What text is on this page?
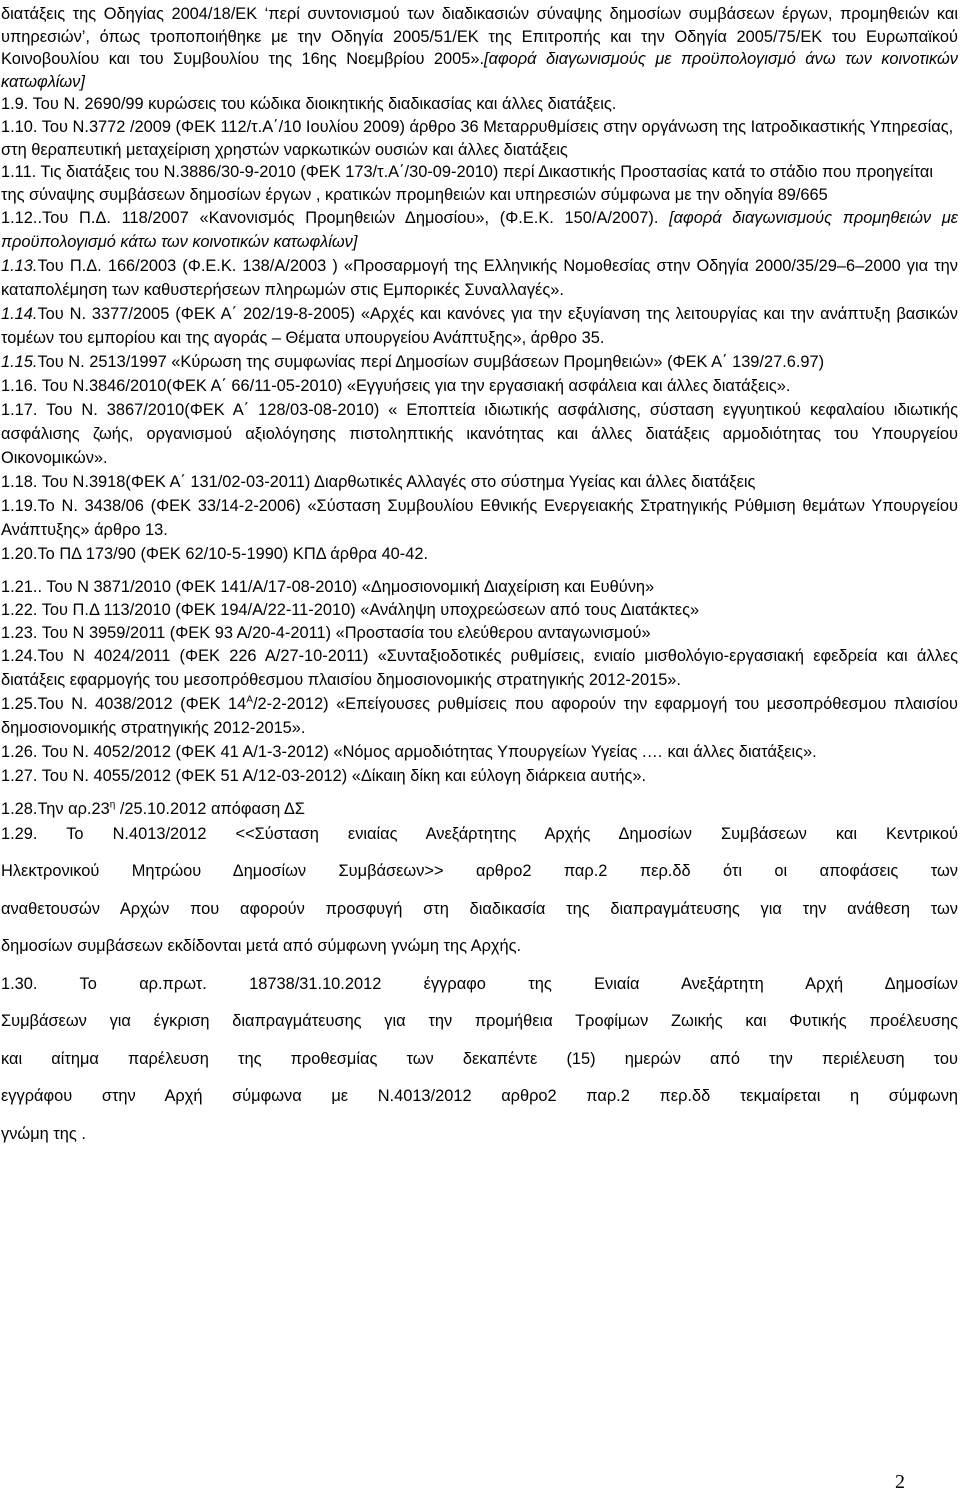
διατάξεις της Οδηγίας 2004/18/ΕΚ ‘περί συντονισμού των διαδικασιών σύναψης δημοσίων συμβάσεων έργων, προμηθειών και υπηρεσιών’, όπως τροποποιήθηκε με την Οδηγία 2005/51/ΕΚ της Επιτροπής και την Οδηγία 2005/75/ΕΚ του Ευρωπαϊκού Κοινοβουλίου και του Συμβουλίου της 16ης Νοεμβρίου 2005».[αφορά διαγωνισμούς με προϋπολογισμό άνω των κοινοτικών κατωφλίων]
1.9. Του Ν. 2690/99 κυρώσεις του κώδικα διοικητικής διαδικασίας και άλλες διατάξεις.
1.10. Του Ν.3772 /2009 (ΦΕΚ 112/τ.Α΄/10 Ιουλίου 2009) άρθρο 36 Μεταρρυθμίσεις στην οργάνωση της Ιατροδικαστικής Υπηρεσίας, στη θεραπευτική μεταχείριση χρηστών ναρκωτικών ουσιών και άλλες διατάξεις
1.11. Τις διατάξεις του Ν.3886/30-9-2010 (ΦΕΚ 173/τ.Α΄/30-09-2010) περί Δικαστικής Προστασίας κατά το στάδιο που προηγείται της σύναψης συμβάσεων δημοσίων έργων , κρατικών προμηθειών και υπηρεσιών σύμφωνα με την οδηγία 89/665
1.12..Του Π.Δ. 118/2007 «Κανονισμός Προμηθειών Δημοσίου», (Φ.Ε.Κ. 150/Α/2007). [αφορά διαγωνισμούς προμηθειών με προϋπολογισμό κάτω των κοινοτικών κατωφλίων]
1.13.Του Π.Δ. 166/2003 (Φ.Ε.Κ. 138/Α/2003 ) «Προσαρμογή της Ελληνικής Νομοθεσίας στην Οδηγία 2000/35/29–6–2000 για την καταπολέμηση των καθυστερήσεων πληρωμών στις Εμπορικές Συναλλαγές».
1.14.Του Ν. 3377/2005 (ΦΕΚ Α΄ 202/19-8-2005) «Αρχές και κανόνες για την εξυγίανση της λειτουργίας και την ανάπτυξη βασικών τομέων του εμπορίου και της αγοράς – Θέματα υπουργείου Ανάπτυξης», άρθρο 35.
1.15.Του Ν. 2513/1997 «Κύρωση της συμφωνίας περί Δημοσίων συμβάσεων Προμηθειών» (ΦΕΚ Α΄ 139/27.6.97)
1.16. Του Ν.3846/2010(ΦΕΚ Α΄ 66/11-05-2010) «Εγγυήσεις για την εργασιακή ασφάλεια και άλλες διατάξεις».
1.17. Του Ν. 3867/2010(ΦΕΚ Α΄ 128/03-08-2010) « Εποπτεία ιδιωτικής ασφάλισης, σύσταση εγγυητικού κεφαλαίου ιδιωτικής ασφάλισης ζωής, οργανισμού αξιολόγησης πιστοληπτικής ικανότητας και άλλες διατάξεις αρμοδιότητας του Υπουργείου Οικονομικών».
1.18. Του Ν.3918(ΦΕΚ Α΄ 131/02-03-2011) Διαρθωτικές Αλλαγές στο σύστημα Υγείας και άλλες διατάξεις
1.19.Το Ν. 3438/06 (ΦΕΚ 33/14-2-2006) «Σύσταση Συμβουλίου Εθνικής Ενεργειακής Στρατηγικής Ρύθμιση θεμάτων Υπουργείου Ανάπτυξης» άρθρο 13.
1.20.Το ΠΔ 173/90 (ΦΕΚ 62/10-5-1990) ΚΠΔ άρθρα 40-42.
1.21.. Του Ν 3871/2010 (ΦΕΚ 141/Α/17-08-2010) «Δημοσιονομική Διαχείριση και Ευθύνη»
1.22. Του Π.Δ 113/2010 (ΦΕΚ 194/Α/22-11-2010) «Ανάληψη υποχρεώσεων από τους Διατάκτες»
1.23. Του Ν 3959/2011 (ΦΕΚ 93 Α/20-4-2011) «Προστασία του ελεύθερου ανταγωνισμού»
1.24.Του Ν 4024/2011 (ΦΕΚ 226 Α/27-10-2011) «Συνταξιοδοτικές ρυθμίσεις, ενιαίο μισθολόγιο-εργασιακή εφεδρεία και άλλες διατάξεις εφαρμογής του μεσοπρόθεσμου πλαισίου δημοσιονομικής στρατηγικής 2012-2015».
1.25.Του Ν. 4038/2012 (ΦΕΚ $14^A/2-2-2012$) «Επείγουσες ρυθμίσεις που αφορούν την εφαρμογή του μεσοπρόθεσμου πλαισίου δημοσιονομικής στρατηγικής 2012-2015».
1.26. Του Ν. 4052/2012 (ΦΕΚ 41 Α/1-3-2012) «Νόμος αρμοδιότητας Υπουργείων Υγείας .… και άλλες διατάξεις».
1.27. Του Ν. 4055/2012 (ΦΕΚ 51 Α/12-03-2012) «Δίκαιη δίκη και εύλογη διάρκεια αυτής».
1.28.Την $\alpha\rho.23^\eta$ /25.10.2012 απόφαση ΔΣ
1.29. Το Ν.4013/2012 <<Σύσταση ενιαίας Ανεξάρτητης Αρχής Δημοσίων Συμβάσεων και Κεντρικού
Ηλεκτρονικού Μητρώου Δημοσίων Συμβάσεων>> αρθρο2 παρ.2 περ.δδ ότι οι αποφάσεις των
αναθετουσών Αρχών που αφορούν προσφυγή στη διαδικασία της διαπραγμάτευσης για την ανάθεση των
δημοσίων συμβάσεων εκδίδονται μετά από σύμφωνη γνώμη της Αρχής.
1.30. Το αρ.πρωτ. 18738/31.10.2012 έγγραφο της Ενιαία Ανεξάρτητη Αρχή Δημοσίων
Συμβάσεων για έγκριση διαπραγμάτευσης για την προμήθεια Τροφίμων Ζωικής και Φυτικής προέλευσης
και αίτημα παρέλευση της προθεσμίας των δεκαπέντε (15) ημερών από την περιέλευση του
εγγράφου στην Αρχή σύμφωνα με Ν.4013/2012 αρθρο2 παρ.2 περ.δδ τεκμαίρεται η σύμφωνη
γνώμη της .
2
